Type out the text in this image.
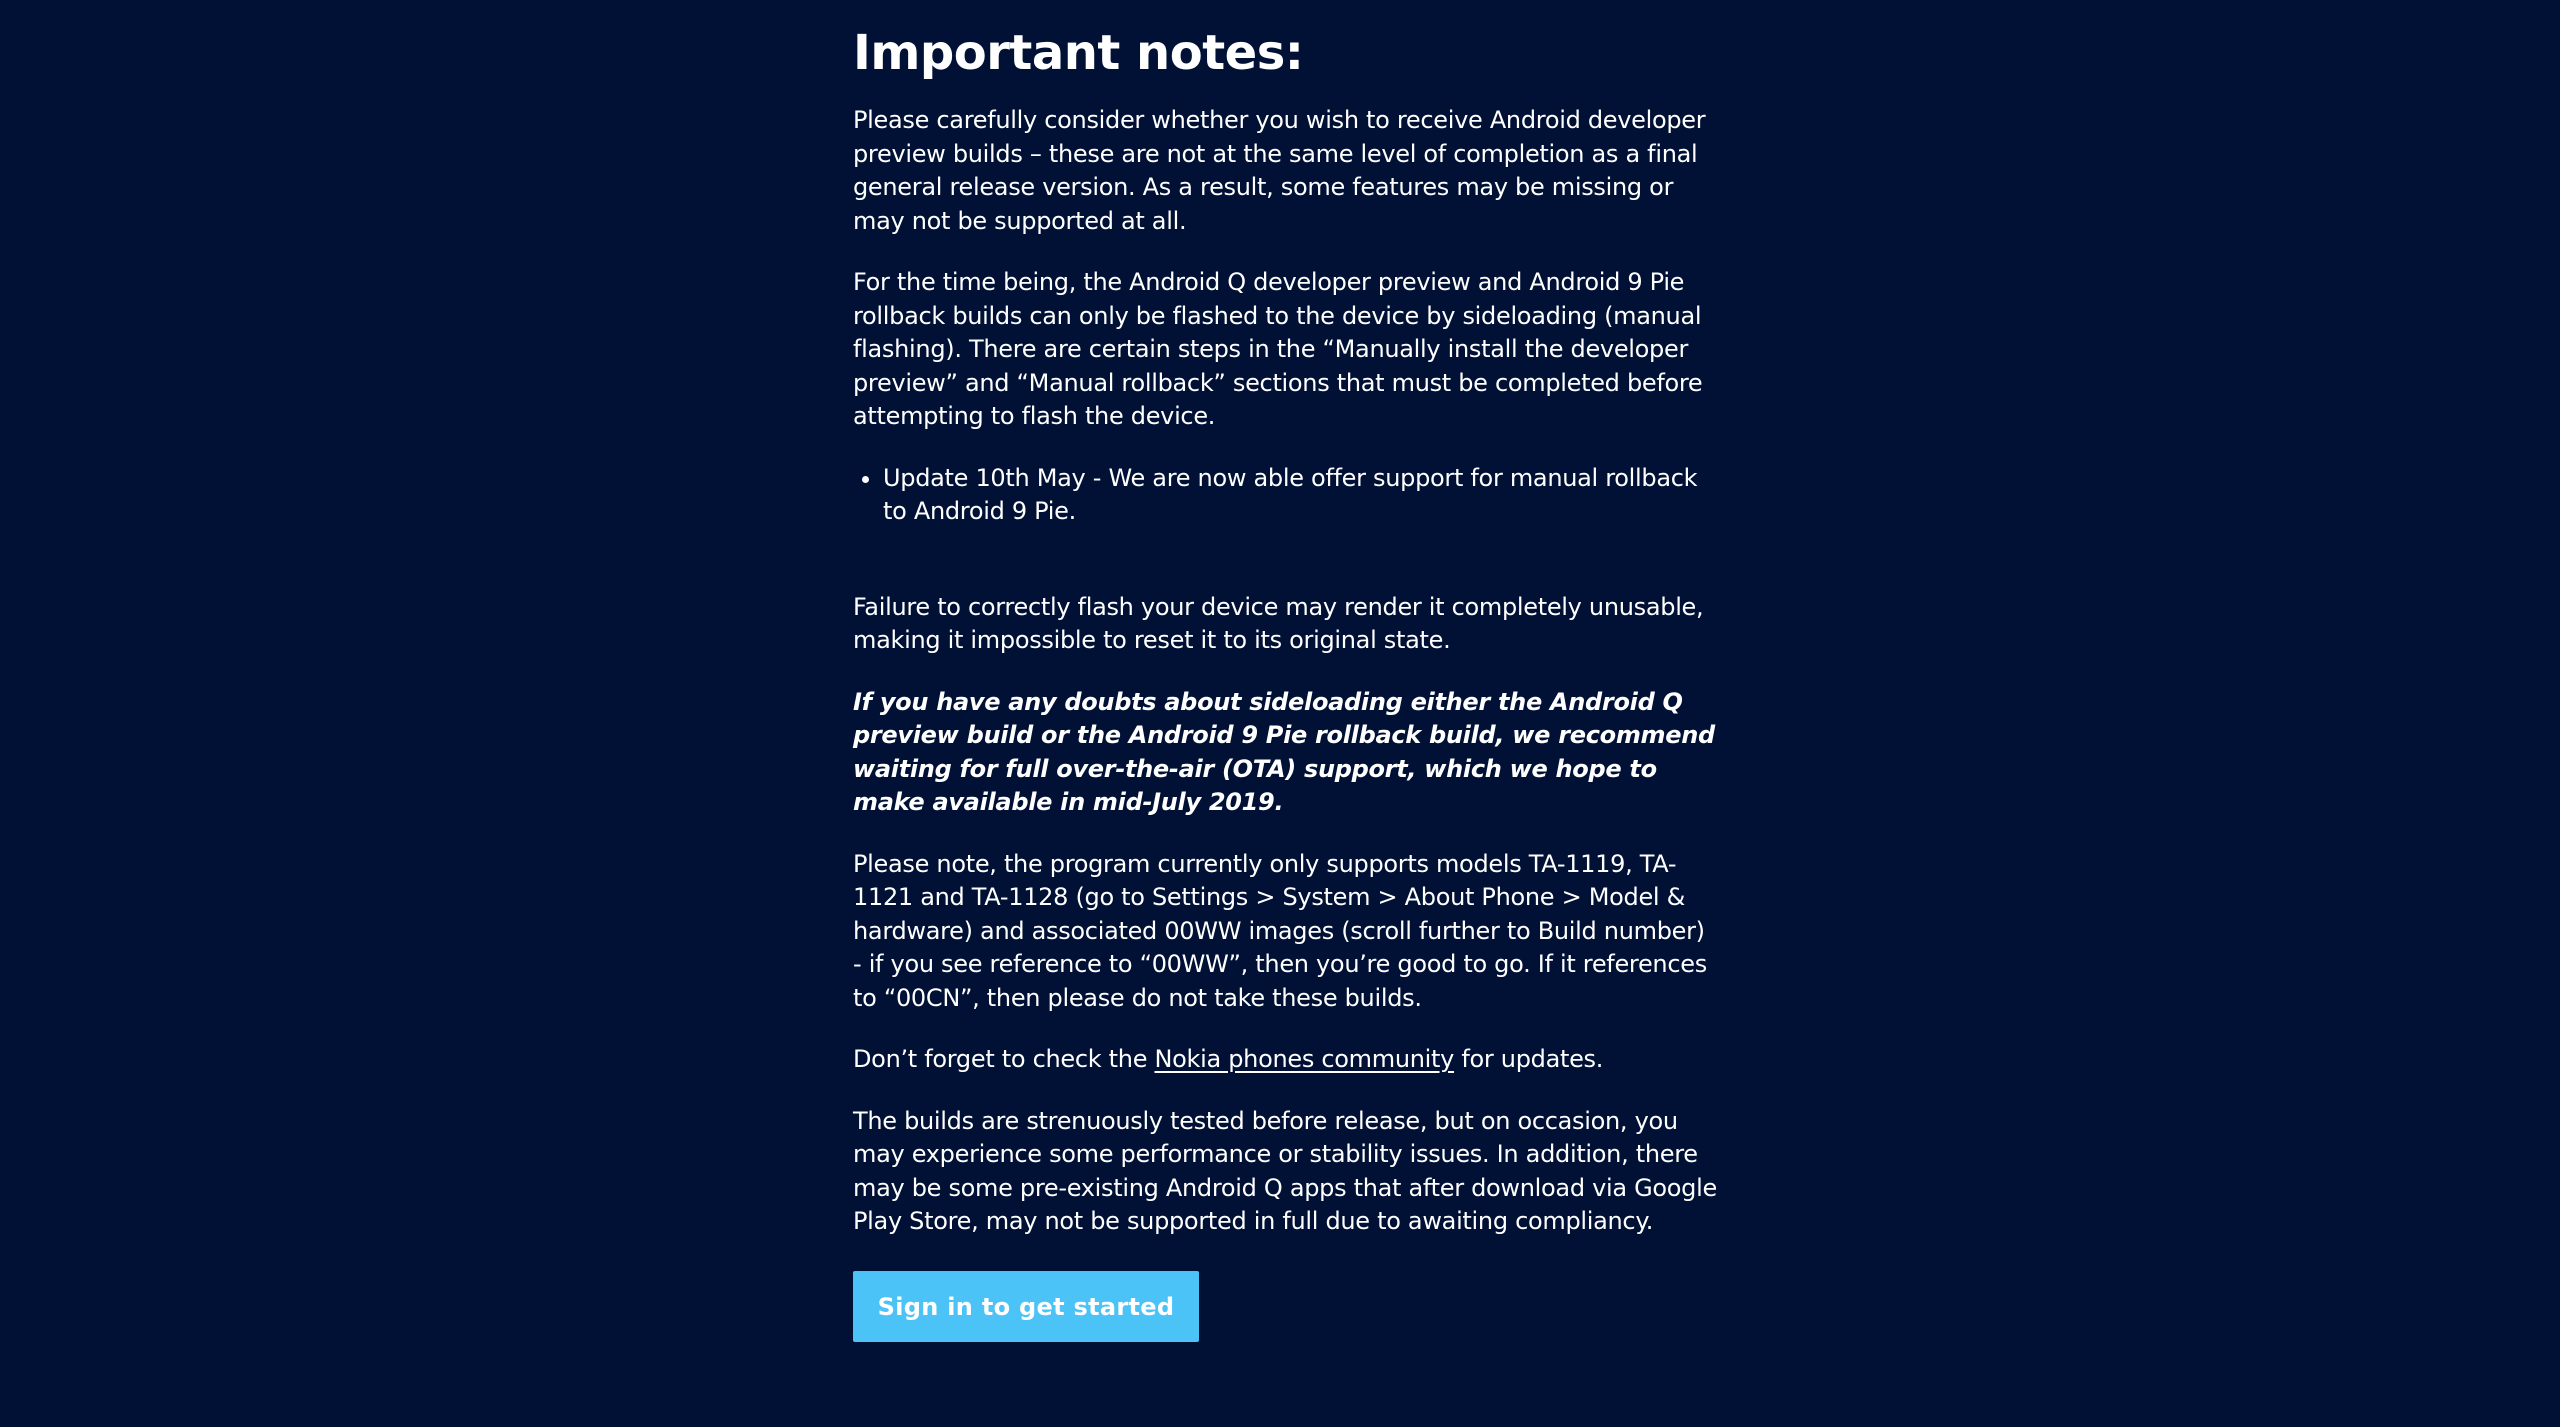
Important notes:

Please carefully consider whether you wish to receive Android developer preview builds – these are not at the same level of completion as a final general release version. As a result, some features may be missing or may not be supported at all.

For the time being, the Android Q developer preview and Android 9 Pie rollback builds can only be flashed to the device by sideloading (manual flashing). There are certain steps in the “Manually install the developer preview” and “Manual rollback” sections that must be completed before attempting to flash the device.

• Update 10th May - We are now able offer support for manual rollback to Android 9 Pie.

Failure to correctly flash your device may render it completely unusable, making it impossible to reset it to its original state.

If you have any doubts about sideloading either the Android Q preview build or the Android 9 Pie rollback build, we recommend waiting for full over-the-air (OTA) support, which we hope to make available in mid-July 2019.

Please note, the program currently only supports models TA-1119, TA-1121 and TA-1128 (go to Settings > System > About Phone > Model & hardware) and associated 00WW images (scroll further to Build number) - if you see reference to “00WW”, then you’re good to go. If it references to “00CN”, then please do not take these builds.

Don’t forget to check the Nokia phones community for updates.

The builds are strenuously tested before release, but on occasion, you may experience some performance or stability issues. In addition, there may be some pre-existing Android Q apps that after download via Google Play Store, may not be supported in full due to awaiting compliancy.

Sign in to get started
